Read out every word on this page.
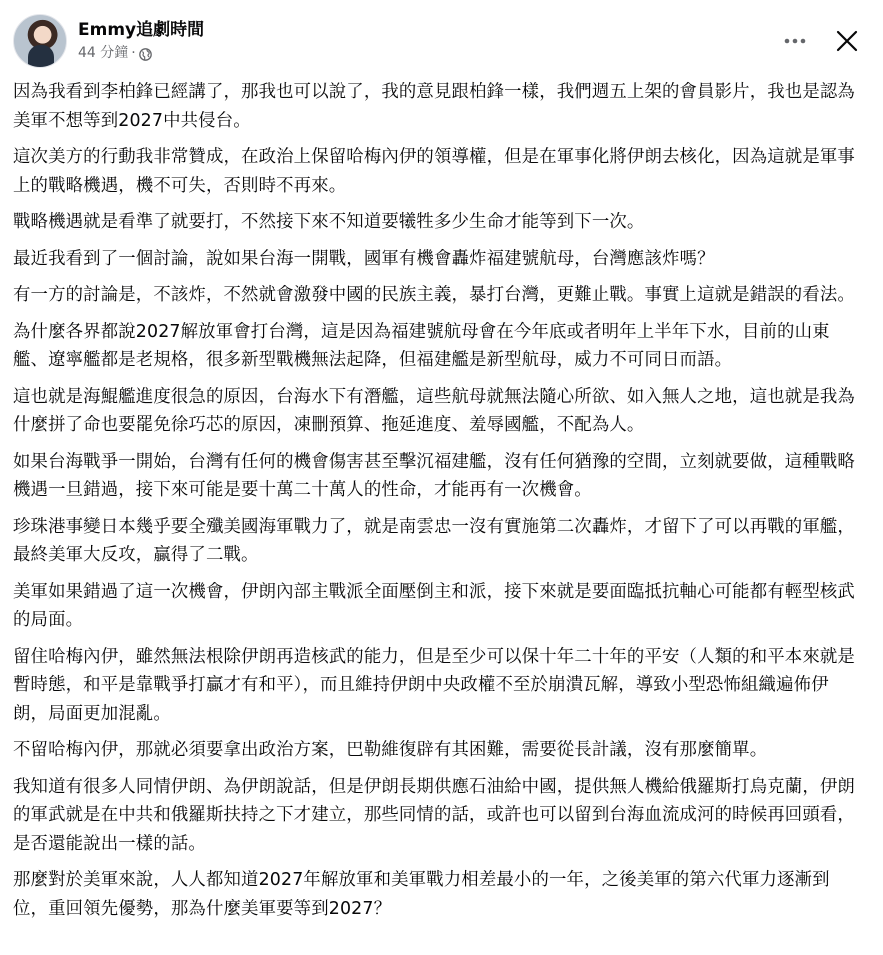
Emmy追劇時間
44 分鐘 ·

因為我看到李柏鋒已經講了，那我也可以說了，我的意見跟柏鋒一樣，我們週五上架的會員影片，我也是認為美軍不想等到2027中共侵台。

這次美方的行動我非常贊成，在政治上保留哈梅內伊的領導權，但是在軍事化將伊朗去核化，因為這就是軍事上的戰略機遇，機不可失，否則時不再來。

戰略機遇就是看準了就要打，不然接下來不知道要犧牲多少生命才能等到下一次。

最近我看到了一個討論，說如果台海一開戰，國軍有機會轟炸福建號航母，台灣應該炸嗎？

有一方的討論是，不該炸，不然就會激發中國的民族主義，暴打台灣，更難止戰。事實上這就是錯誤的看法。

為什麼各界都說2027解放軍會打台灣，這是因為福建號航母會在今年底或者明年上半年下水，目前的山東艦、遼寧艦都是老規格，很多新型戰機無法起降，但福建艦是新型航母，威力不可同日而語。

這也就是海鯤艦進度很急的原因，台海水下有潛艦，這些航母就無法隨心所欲、如入無人之地，這也就是我為什麼拼了命也要罷免徐巧芯的原因，凍刪預算、拖延進度、羞辱國艦，不配為人。

如果台海戰爭一開始，台灣有任何的機會傷害甚至擊沉福建艦，沒有任何猶豫的空間，立刻就要做，這種戰略機遇一旦錯過，接下來可能是要十萬二十萬人的性命，才能再有一次機會。

珍珠港事變日本幾乎要全殲美國海軍戰力了，就是南雲忠一沒有實施第二次轟炸，才留下了可以再戰的軍艦，最終美軍大反攻，贏得了二戰。

美軍如果錯過了這一次機會，伊朗內部主戰派全面壓倒主和派，接下來就是要面臨抵抗軸心可能都有輕型核武的局面。

留住哈梅內伊，雖然無法根除伊朗再造核武的能力，但是至少可以保十年二十年的平安（人類的和平本來就是暫時態，和平是靠戰爭打贏才有和平），而且維持伊朗中央政權不至於崩潰瓦解，導致小型恐怖組織遍佈伊朗，局面更加混亂。

不留哈梅內伊，那就必須要拿出政治方案，巴勒維復辟有其困難，需要從長計議，沒有那麼簡單。

我知道有很多人同情伊朗、為伊朗說話，但是伊朗長期供應石油給中國，提供無人機給俄羅斯打烏克蘭，伊朗的軍武就是在中共和俄羅斯扶持之下才建立，那些同情的話，或許也可以留到台海血流成河的時候再回頭看，是否還能說出一樣的話。

那麼對於美軍來說，人人都知道2027年解放軍和美軍戰力相差最小的一年，之後美軍的第六代軍力逐漸到位，重回領先優勢，那為什麼美軍要等到2027？
